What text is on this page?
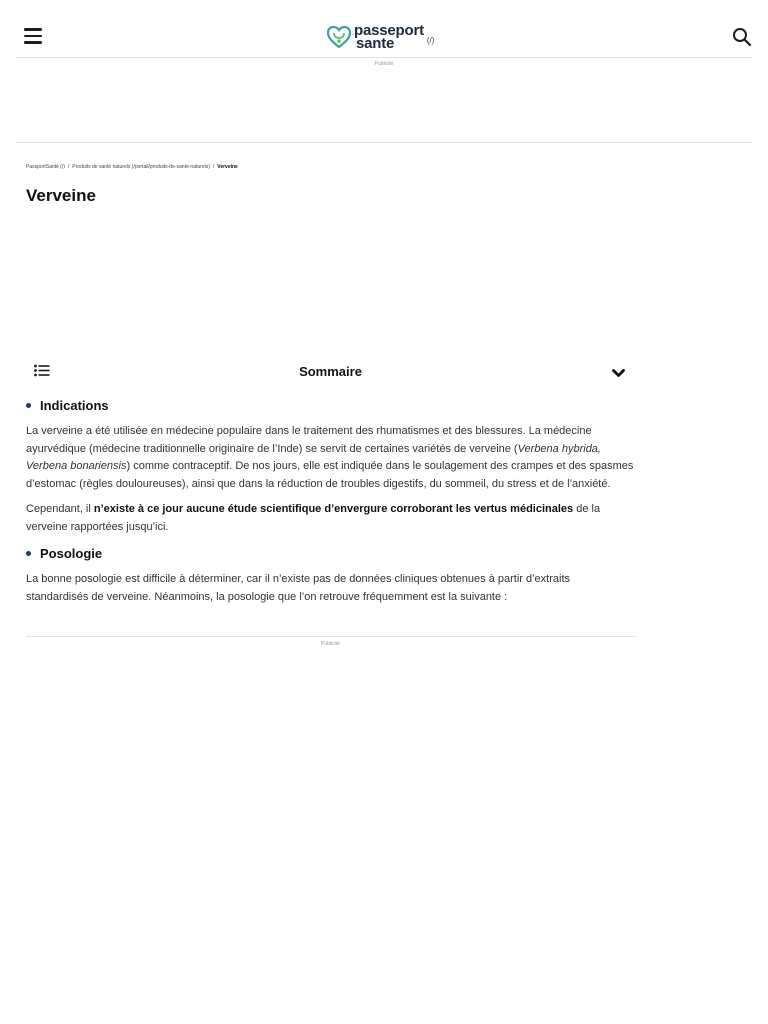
passeport
sante	(/)
Publicité
PassportSanté (/) / Produits de santé naturels (/portail/produits-de-sante-naturels) / Verveine
Verveine
Sommaire
Indications

La verveine a été utilisée en médecine populaire dans le traitement des rhumatismes et des blessures. La médecine ayurvédique (médecine traditionnelle originaire de l’Inde) se servit de certaines variétés de verveine (Verbena hybrida, Verbena bonariensis) comme contraceptif. De nos jours, elle est indiquée dans le soulagement des crampes et des spasmes d’estomac (règles douloureuses), ainsi que dans la réduction de troubles digestifs, du sommeil, du stress et de l’anxiété.

Cependant, il n’existe à ce jour aucune étude scientifique d’envergure corroborant les vertus médicinales de la verveine rapportées jusqu’ici.

Posologie

La bonne posologie est difficile à déterminer, car il n’existe pas de données cliniques obtenues à partir d’extraits standardisés de verveine. Néanmoins, la posologie que l’on retrouve fréquemment est la suivante :

Publicité
